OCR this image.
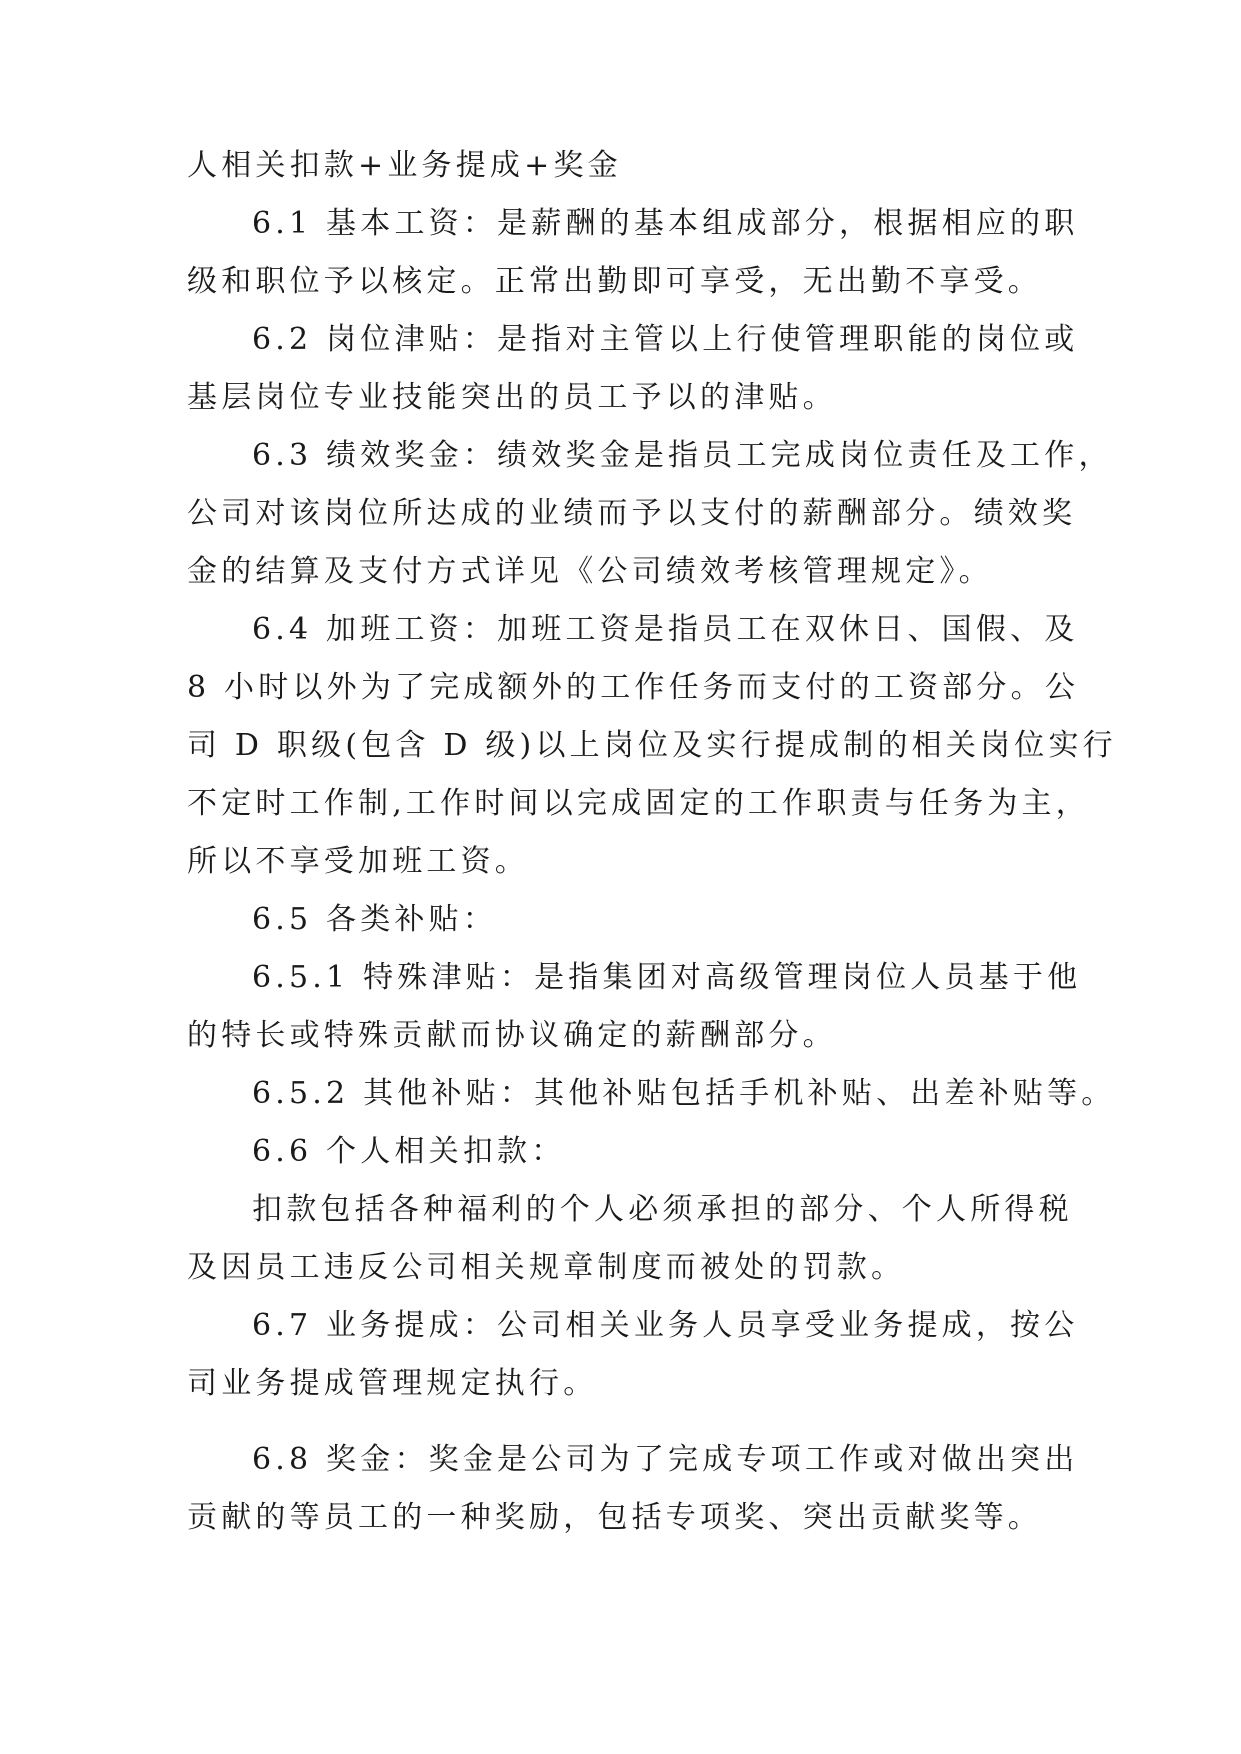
人相关扣款+业务提成+奖金
6.1 基本工资：是薪酬的基本组成部分，根据相应的职
级和职位予以核定。正常出勤即可享受，无出勤不享受。
6.2 岗位津贴：是指对主管以上行使管理职能的岗位或
基层岗位专业技能突出的员工予以的津贴。
6.3 绩效奖金：绩效奖金是指员工完成岗位责任及工作，
公司对该岗位所达成的业绩而予以支付的薪酬部分。绩效奖
金的结算及支付方式详见《公司绩效考核管理规定》。
6.4 加班工资：加班工资是指员工在双休日、国假、及
8 小时以外为了完成额外的工作任务而支付的工资部分。公
司 D 职级(包含 D 级)以上岗位及实行提成制的相关岗位实行
不定时工作制,工作时间以完成固定的工作职责与任务为主，
所以不享受加班工资。
6.5 各类补贴：
6.5.1 特殊津贴：是指集团对高级管理岗位人员基于他
的特长或特殊贡献而协议确定的薪酬部分。
6.5.2 其他补贴：其他补贴包括手机补贴、出差补贴等。
6.6 个人相关扣款：
扣款包括各种福利的个人必须承担的部分、个人所得税
及因员工违反公司相关规章制度而被处的罚款。
6.7 业务提成：公司相关业务人员享受业务提成，按公
司业务提成管理规定执行。
6.8 奖金：奖金是公司为了完成专项工作或对做出突出
贡献的等员工的一种奖励，包括专项奖、突出贡献奖等。
